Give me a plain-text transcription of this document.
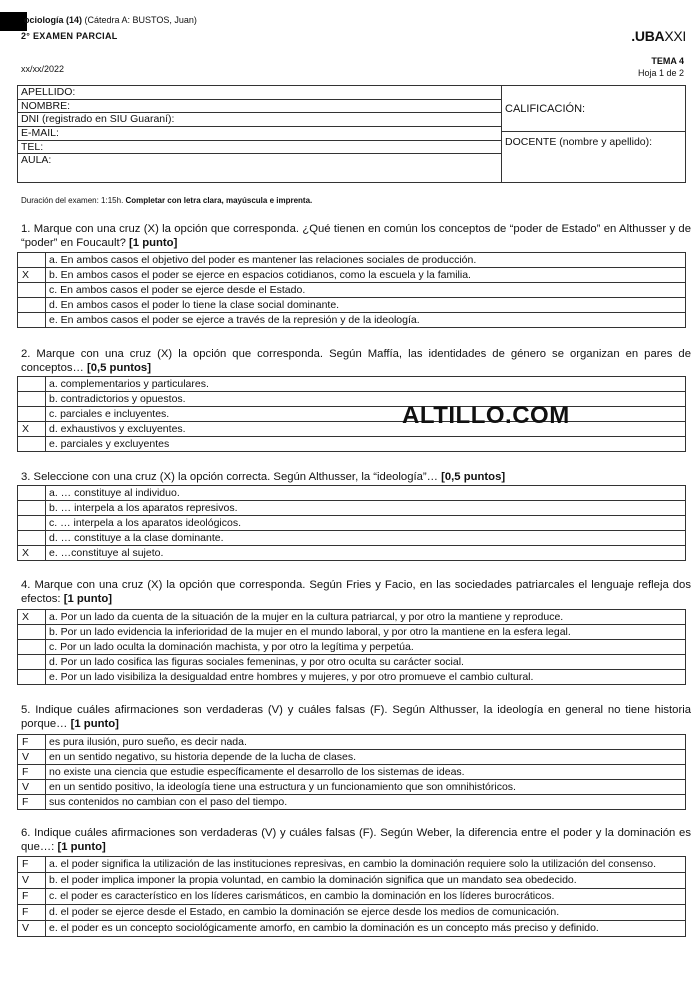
ociología (14) (Cátedra A: BUSTOS, Juan)
2° EXAMEN PARCIAL	.UBAXXI
xx/xx/2022
TEMA 4
Hoja 1 de 2
APELLIDO:
NOMBRE:
DNI (registrado en SIU Guaraní):
E-MAIL:
TEL:
AULA:
CALIFICACIÓN:
DOCENTE (nombre y apellido):
Duración del examen: 1:15h. Completar con letra clara, mayúscula e imprenta.
1. Marque con una cruz (X) la opción que corresponda. ¿Qué tienen en común los conceptos de “poder de Estado” en Althusser y de “poder” en Foucault? [1 punto]
	a. En ambos casos el objetivo del poder es mantener las relaciones sociales de producción.
X	b. En ambos casos el poder se ejerce en espacios cotidianos, como la escuela y la familia.
	c. En ambos casos el poder se ejerce desde el Estado.
	d. En ambos casos el poder lo tiene la clase social dominante.
	e. En ambos casos el poder se ejerce a través de la represión y de la ideología.
2. Marque con una cruz (X) la opción que corresponda. Según Maffía, las identidades de género se organizan en pares de conceptos… [0,5 puntos]
	a. complementarios y particulares.
	b. contradictorios y opuestos.
	c. parciales e incluyentes.
X	d. exhaustivos y excluyentes.
	e. parciales y excluyentes
ALTILLO.COM
3. Seleccione con una cruz (X) la opción correcta. Según Althusser, la “ideología”… [0,5 puntos]
	a. … constituye al individuo.
	b. … interpela a los aparatos represivos.
	c. … interpela a los aparatos ideológicos.
	d. … constituye a la clase dominante.
X	e. …constituye al sujeto.
4. Marque con una cruz (X) la opción que corresponda. Según Fries y Facio, en las sociedades patriarcales el lenguaje refleja dos efectos: [1 punto]
X	a. Por un lado da cuenta de la situación de la mujer en la cultura patriarcal, y por otro la mantiene y reproduce.
	b. Por un lado evidencia la inferioridad de la mujer en el mundo laboral, y por otro la mantiene en la esfera legal.
	c. Por un lado oculta la dominación machista, y por otro la legítima y perpetúa.
	d. Por un lado cosifica las figuras sociales femeninas, y por otro oculta su carácter social.
	e. Por un lado visibiliza la desigualdad entre hombres y mujeres, y por otro promueve el cambio cultural.
5. Indique cuáles afirmaciones son verdaderas (V) y cuáles falsas (F). Según Althusser, la ideología en general no tiene historia porque… [1 punto]
F	es pura ilusión, puro sueño, es decir nada.
V	en un sentido negativo, su historia depende de la lucha de clases.
F	no existe una ciencia que estudie específicamente el desarrollo de los sistemas de ideas.
V	en un sentido positivo, la ideología tiene una estructura y un funcionamiento que son omnihistóricos.
F	sus contenidos no cambian con el paso del tiempo.
6. Indique cuáles afirmaciones son verdaderas (V) y cuáles falsas (F). Según Weber, la diferencia entre el poder y la dominación es que…: [1 punto]
F	a. el poder significa la utilización de las instituciones represivas, en cambio la dominación requiere solo la utilización del consenso.
V	b. el poder implica imponer la propia voluntad, en cambio la dominación significa que un mandato sea obedecido.
F	c. el poder es característico en los líderes carismáticos, en cambio la dominación en los líderes burocráticos.
F	d. el poder se ejerce desde el Estado, en cambio la dominación se ejerce desde los medios de comunicación.
V	e. el poder es un concepto sociológicamente amorfo, en cambio la dominación es un concepto más preciso y definido.
